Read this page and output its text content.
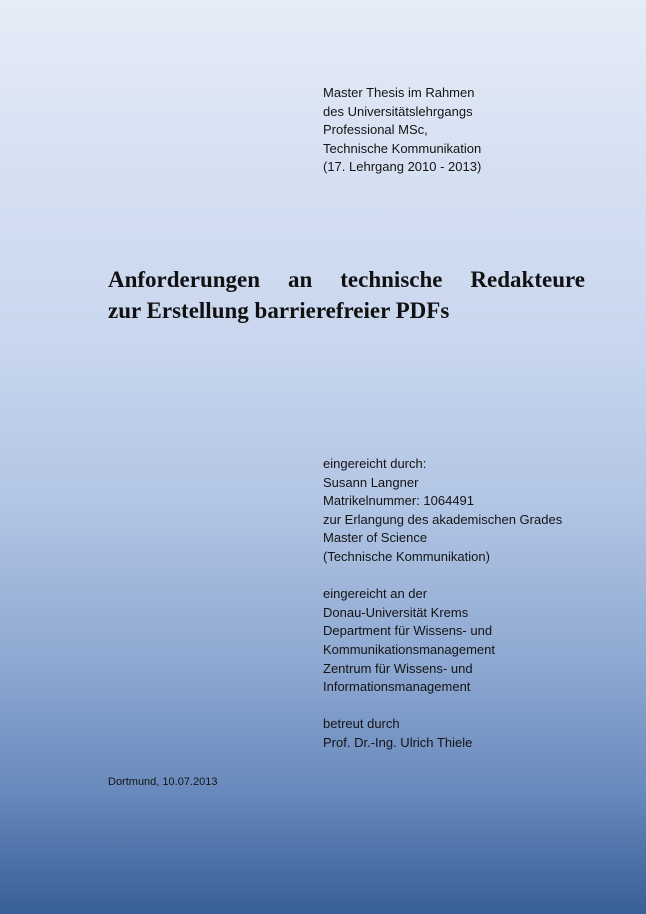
Master Thesis im Rahmen
des Universitätslehrgangs
Professional MSc,
Technische Kommunikation
(17. Lehrgang 2010 - 2013)
Anforderungen an technische Redakteure
zur Erstellung barrierefreier PDFs
eingereicht durch:
Susann Langner
Matrikelnummer: 1064491
zur Erlangung des akademischen Grades
Master of Science
(Technische Kommunikation)
eingereicht an der
Donau-Universität Krems
Department für Wissens- und
Kommunikationsmanagement
Zentrum für Wissens- und
Informationsmanagement
betreut durch
Prof. Dr.-Ing. Ulrich Thiele
Dortmund, 10.07.2013
